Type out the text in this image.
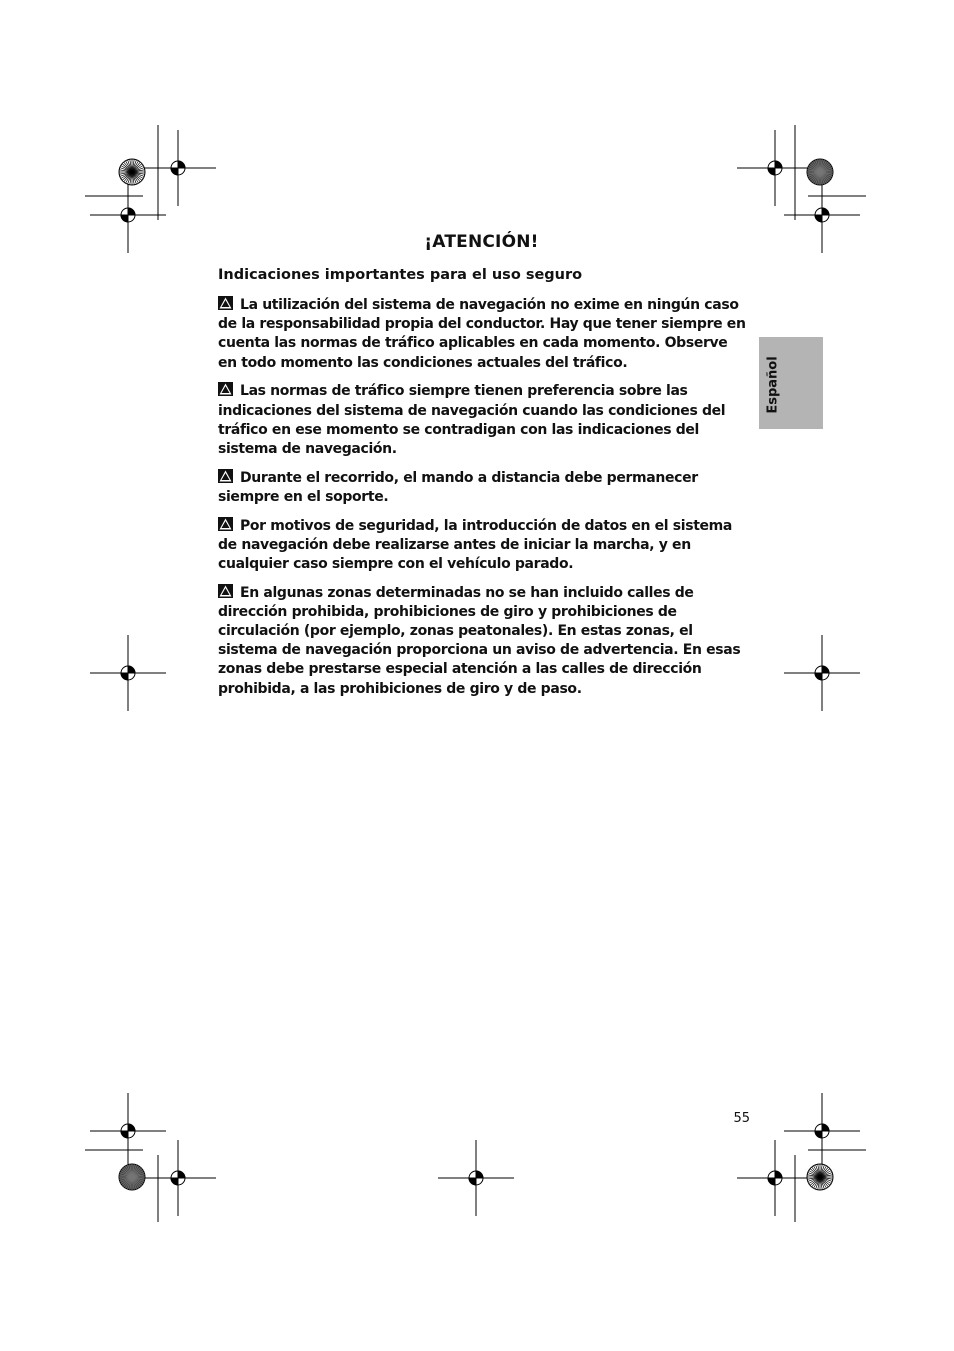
¡ATENCIÓN!
Indicaciones importantes para el uso seguro

La utilización del sistema de navegación no exime en ningún caso de la responsabilidad propia del conductor. Hay que tener siempre en cuenta las normas de tráfico aplicables en cada momento. Observe en todo momento las condiciones actuales del tráfico.

Las normas de tráfico siempre tienen preferencia sobre las indicaciones del sistema de navegación cuando las condiciones del tráfico en ese momento se contradigan con las indicaciones del sistema de navegación.

Durante el recorrido, el mando a distancia debe permanecer siempre en el soporte.

Por motivos de seguridad, la introducción de datos en el sistema de navegación debe realizarse antes de iniciar la marcha, y en cualquier caso siempre con el vehículo parado.

En algunas zonas determinadas no se han incluido calles de dirección prohibida, prohibiciones de giro y prohibiciones de circulación (por ejemplo, zonas peatonales). En estas zonas, el sistema de navegación proporciona un aviso de advertencia. En esas zonas debe prestarse especial atención a las calles de dirección prohibida, a las prohibiciones de giro y de paso.

Español
55
